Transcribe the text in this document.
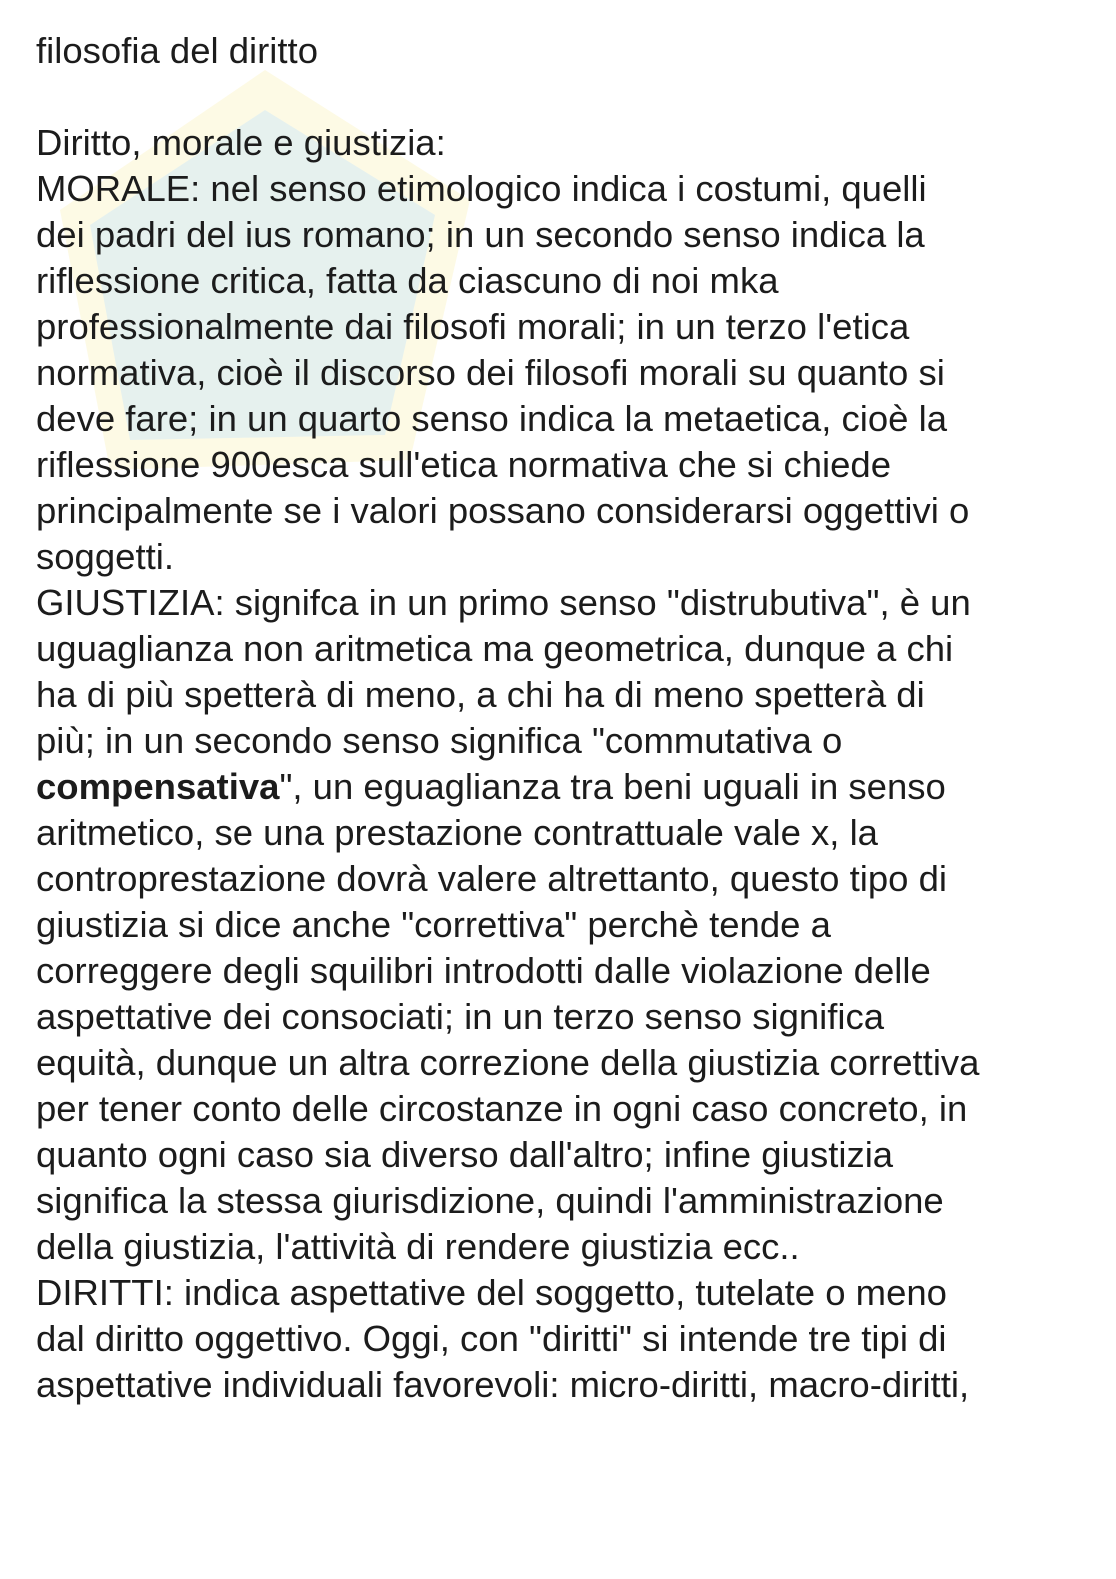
filosofia del diritto
Diritto, morale e giustizia:
MORALE: nel senso etimologico indica i costumi, quelli
dei padri del ius romano; in un secondo senso indica la
riflessione critica, fatta da ciascuno di noi mka
professionalmente dai filosofi morali; in un terzo l'etica
normativa, cioè il discorso dei filosofi morali su quanto si
deve fare; in un quarto senso indica la metaetica, cioè la
riflessione 900esca sull'etica normativa che si chiede
principalmente se i valori possano considerarsi oggettivi o
soggetti.
GIUSTIZIA: signifca in un primo senso "distrubutiva", è un
uguaglianza non aritmetica ma geometrica, dunque a chi
ha di più spetterà di meno, a chi ha di meno spetterà di
più; in un secondo senso significa "commutativa o
compensativa", un eguaglianza tra beni uguali in senso
aritmetico, se una prestazione contrattuale vale x, la
controprestazione dovrà valere altrettanto, questo tipo di
giustizia si dice anche "correttiva" perchè tende a
correggere degli squilibri introdotti dalle violazione delle
aspettative dei consociati; in un terzo senso significa
equità, dunque un altra correzione della giustizia correttiva
per tener conto delle circostanze in ogni caso concreto, in
quanto ogni caso sia diverso dall'altro; infine giustizia
significa la stessa giurisdizione, quindi l'amministrazione
della giustizia, l'attività di rendere giustizia ecc..
DIRITTI: indica aspettative del soggetto, tutelate o meno
dal diritto oggettivo. Oggi, con "diritti" si intende tre tipi di
aspettative individuali favorevoli: micro-diritti, macro-diritti,
